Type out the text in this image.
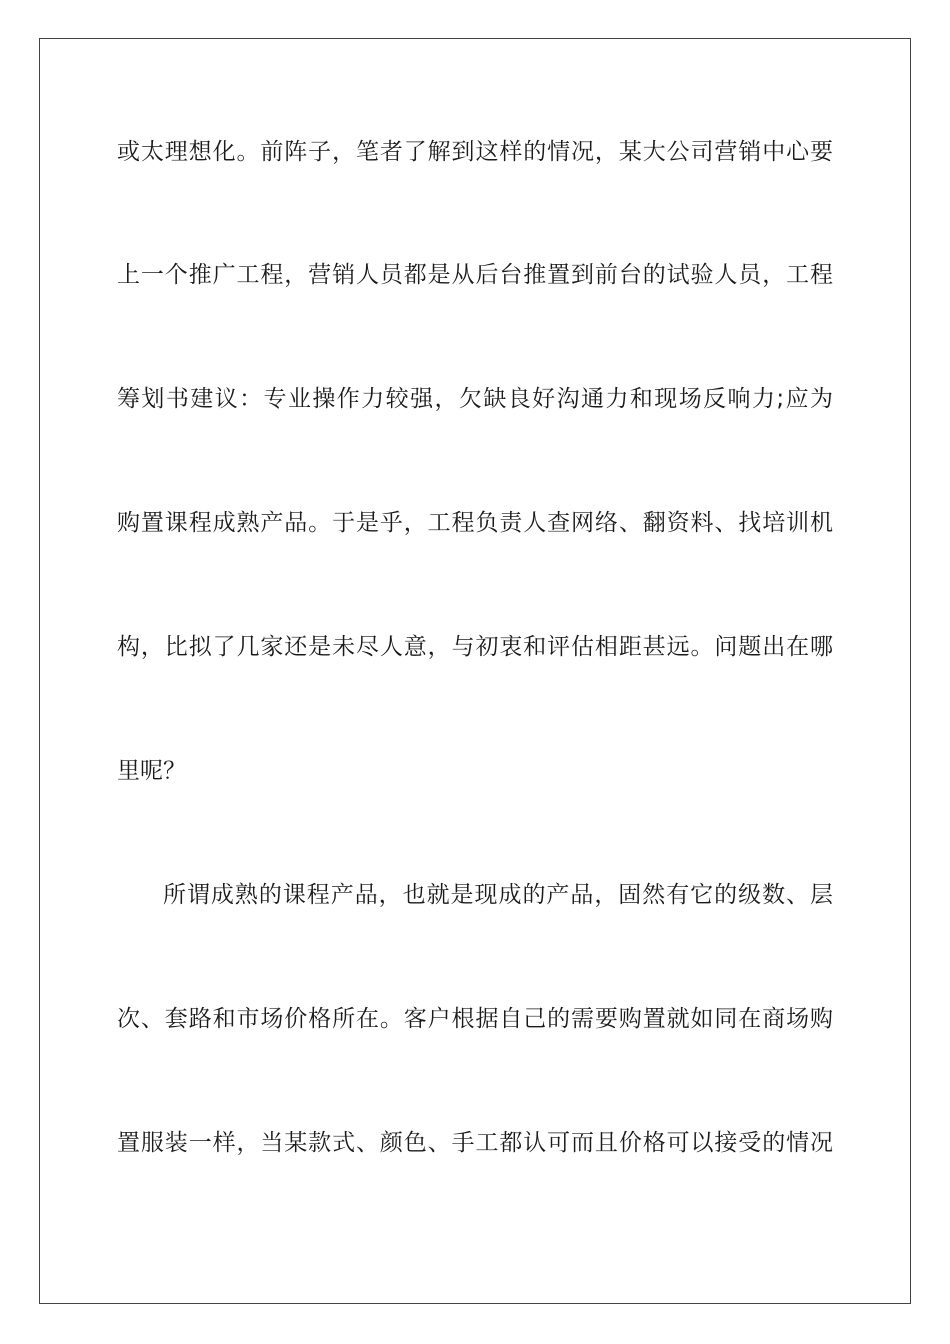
或太理想化。前阵子，笔者了解到这样的情况，某大公司营销中心要
上一个推广工程，营销人员都是从后台推置到前台的试验人员，工程
筹划书建议：专业操作力较强，欠缺良好沟通力和现场反响力;应为
购置课程成熟产品。于是乎，工程负责人查网络、翻资料、找培训机
构，比拟了几家还是未尽人意，与初衷和评估相距甚远。问题出在哪
里呢？
所谓成熟的课程产品，也就是现成的产品，固然有它的级数、层
次、套路和市场价格所在。客户根据自己的需要购置就如同在商场购
置服装一样，当某款式、颜色、手工都认可而且价格可以接受的情况
